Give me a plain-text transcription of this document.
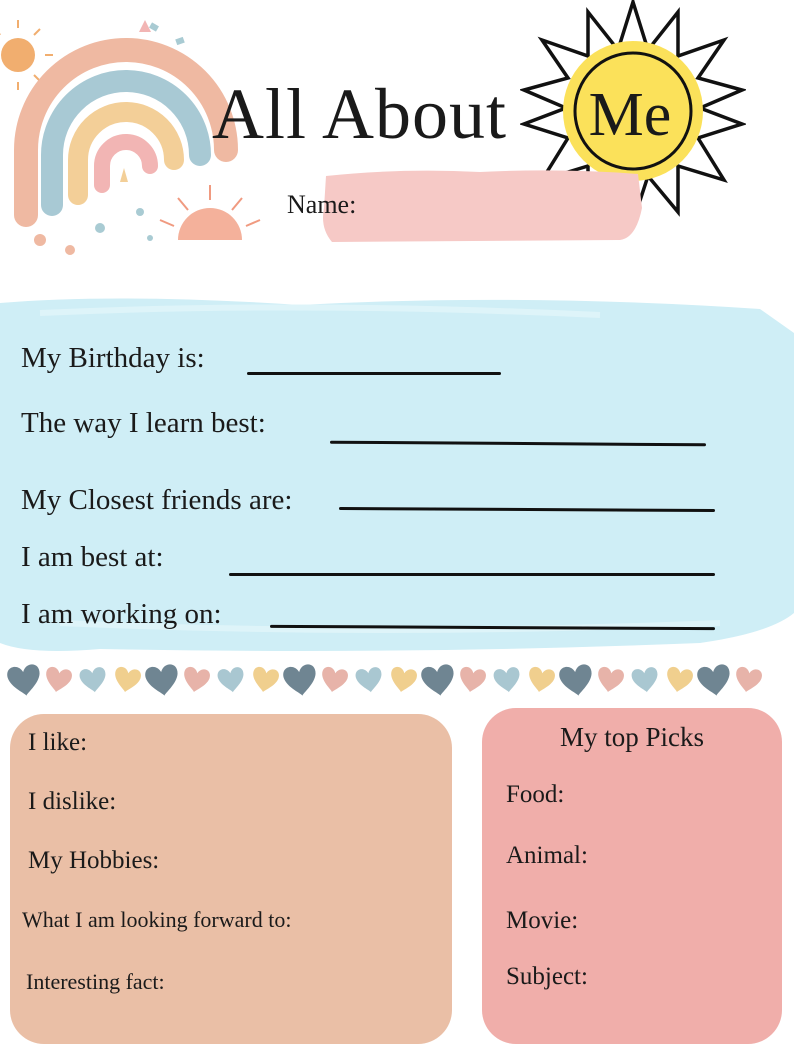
All About	Me
Name:
My Birthday is:
The way I learn best:
My Closest friends are:
I am best at:
I am working on:
I like:
I dislike:
My Hobbies:
What I am looking forward to:
Interesting fact:
My top Picks
Food:
Animal:
Movie:
Subject:
